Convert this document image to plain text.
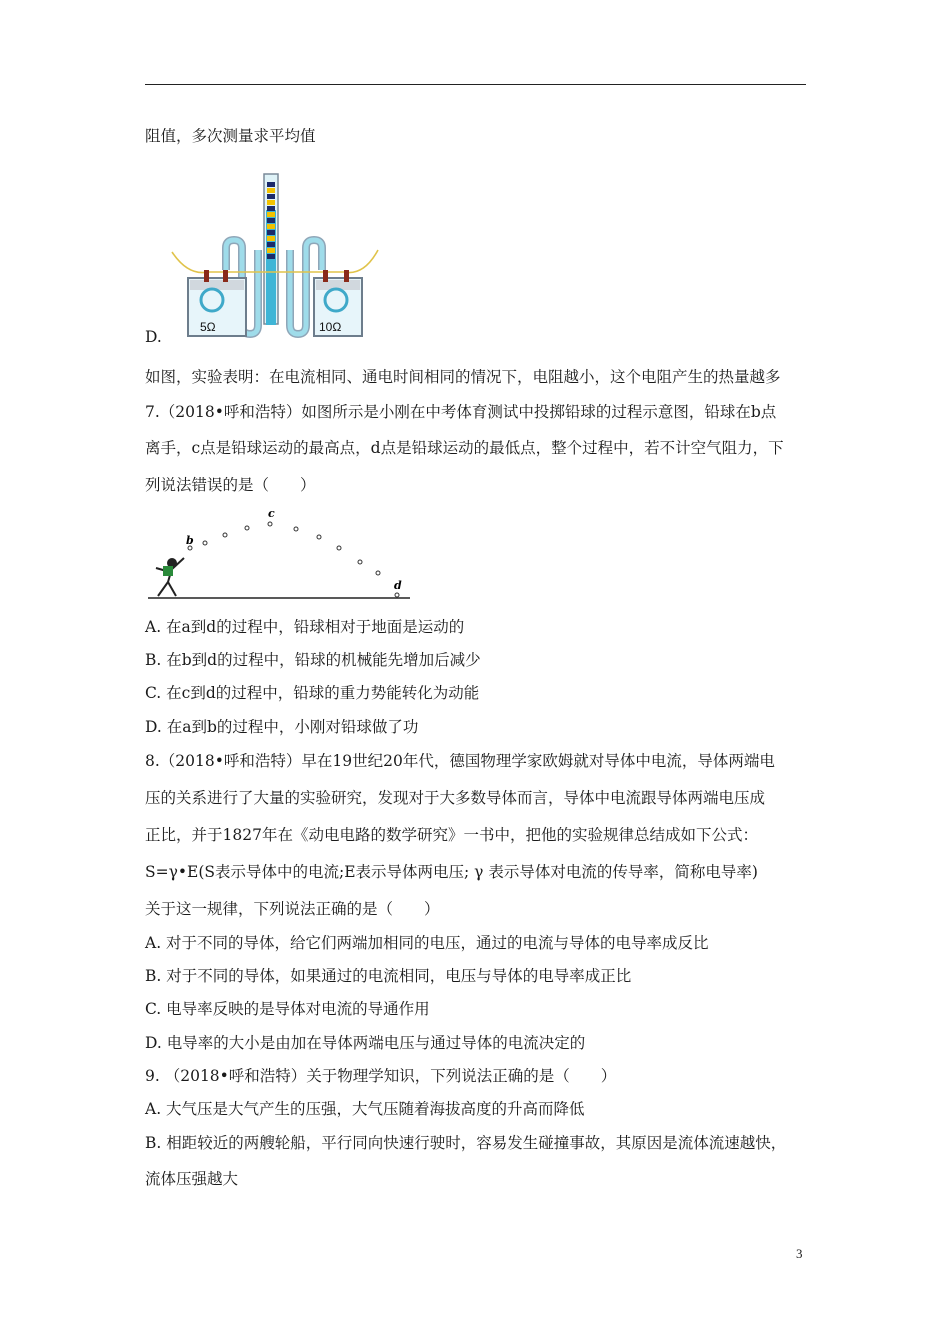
阻值，多次测量求平均值
5Ω	10Ω
D.
如图，实验表明：在电流相同、通电时间相同的情况下，电阻越小，这个电阻产生的热量越多
7.（2018•呼和浩特）如图所示是小刚在中考体育测试中投掷铅球的过程示意图，铅球在b点
离手，c点是铅球运动的最高点，d点是铅球运动的最低点，整个过程中，若不计空气阻力，下
列说法错误的是（　　）
b
c
d
A. 在a到d的过程中，铅球相对于地面是运动的
B. 在b到d的过程中，铅球的机械能先增加后减少
C. 在c到d的过程中，铅球的重力势能转化为动能
D. 在a到b的过程中，小刚对铅球做了功
8.（2018•呼和浩特）早在19世纪20年代，德国物理学家欧姆就对导体中电流，导体两端电
压的关系进行了大量的实验研究，发现对于大多数导体而言，导体中电流跟导体两端电压成
正比，并于1827年在《动电电路的数学研究》一书中，把他的实验规律总结成如下公式：
S=γ•E(S表示导体中的电流;E表示导体两电压; γ 表示导体对电流的传导率，简称电导率)
关于这一规律，下列说法正确的是（　　）
A. 对于不同的导体，给它们两端加相同的电压，通过的电流与导体的电导率成反比
B. 对于不同的导体，如果通过的电流相同，电压与导体的电导率成正比
C. 电导率反映的是导体对电流的导通作用
D. 电导率的大小是由加在导体两端电压与通过导体的电流决定的
9. （2018•呼和浩特）关于物理学知识，下列说法正确的是（　　）
A. 大气压是大气产生的压强，大气压随着海拔高度的升高而降低
B. 相距较近的两艘轮船，平行同向快速行驶时，容易发生碰撞事故，其原因是流体流速越快，
流体压强越大
3
